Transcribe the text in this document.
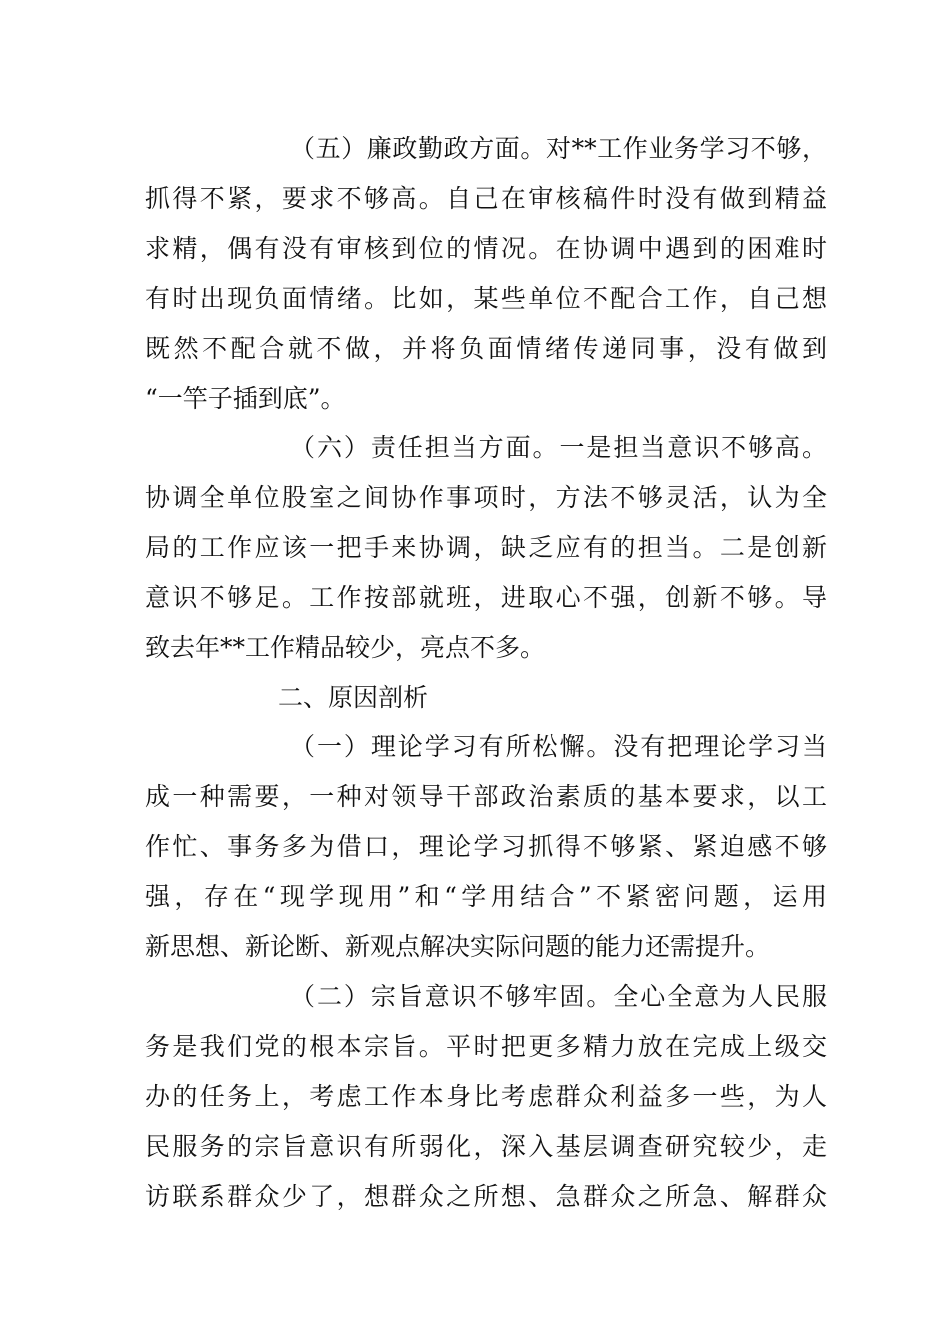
（五）廉政勤政方面。对**工作业务学习不够，
抓得不紧，要求不够高。自己在审核稿件时没有做到精益
求精，偶有没有审核到位的情况。在协调中遇到的困难时
有时出现负面情绪。比如，某些单位不配合工作，自己想
既然不配合就不做，并将负面情绪传递同事，没有做到
“一竿子插到底”。
（六）责任担当方面。一是担当意识不够高。
协调全单位股室之间协作事项时，方法不够灵活，认为全
局的工作应该一把手来协调，缺乏应有的担当。二是创新
意识不够足。工作按部就班，进取心不强，创新不够。导
致去年**工作精品较少，亮点不多。
二、原因剖析
（一）理论学习有所松懈。没有把理论学习当
成一种需要，一种对领导干部政治素质的基本要求，以工
作忙、事务多为借口，理论学习抓得不够紧、紧迫感不够
强，存在“现学现用”和“学用结合”不紧密问题，运用
新思想、新论断、新观点解决实际问题的能力还需提升。
（二）宗旨意识不够牢固。全心全意为人民服
务是我们党的根本宗旨。平时把更多精力放在完成上级交
办的任务上，考虑工作本身比考虑群众利益多一些，为人
民服务的宗旨意识有所弱化，深入基层调查研究较少，走
访联系群众少了，想群众之所想、急群众之所急、解群众
